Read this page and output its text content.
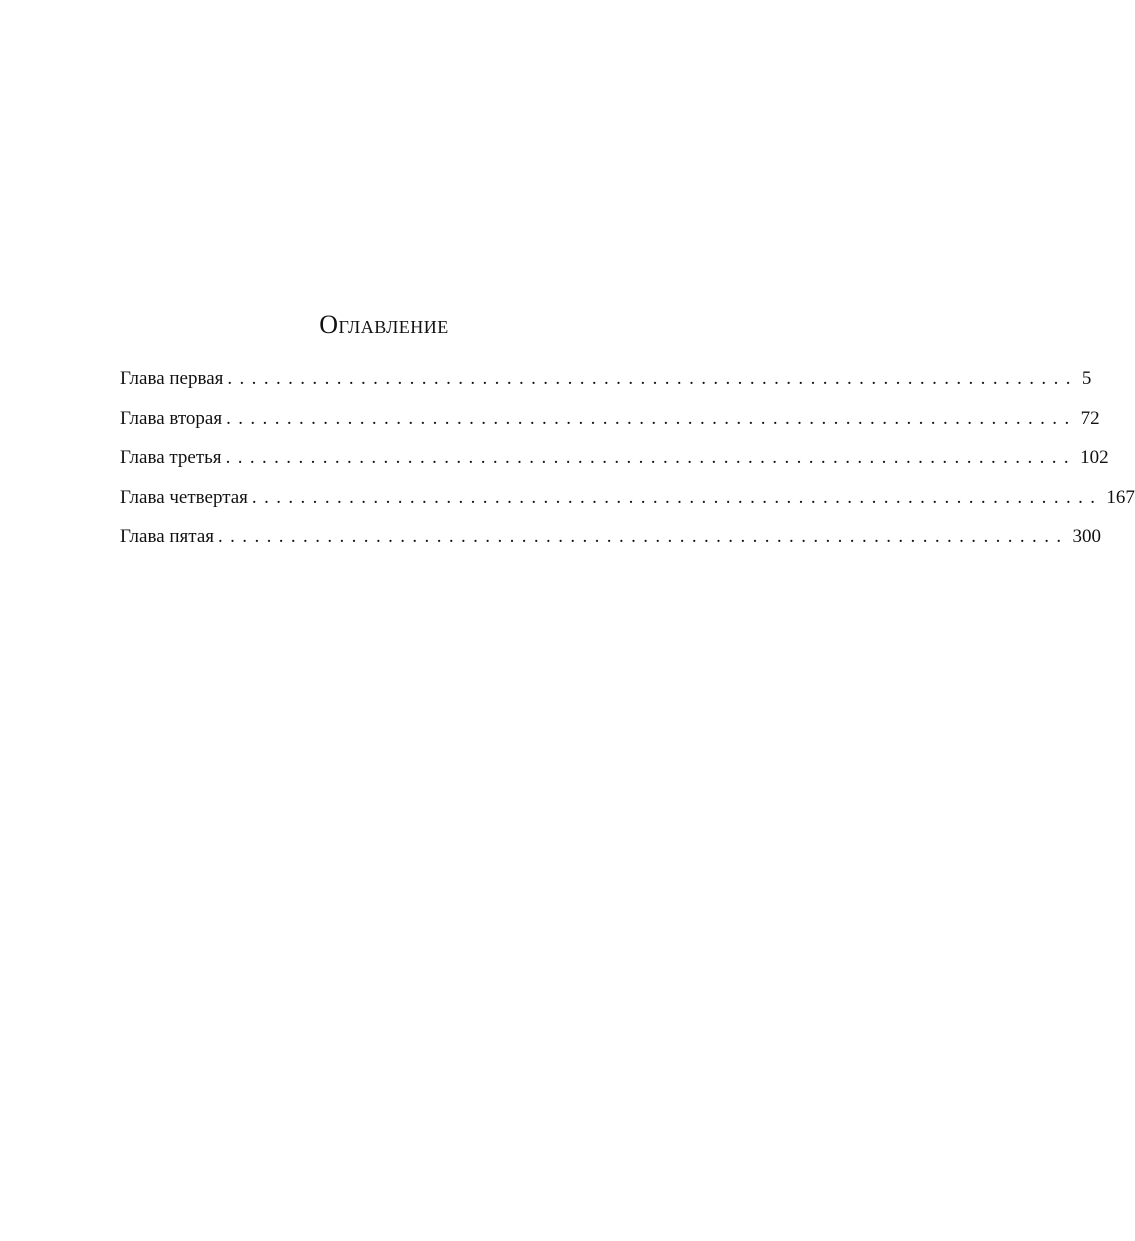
Оглавление
Глава первая ...................................................................... 5
Глава вторая ...................................................................... 72
Глава третья ...................................................................... 102
Глава четвертая ...................................................................... 167
Глава пятая ...................................................................... 300
